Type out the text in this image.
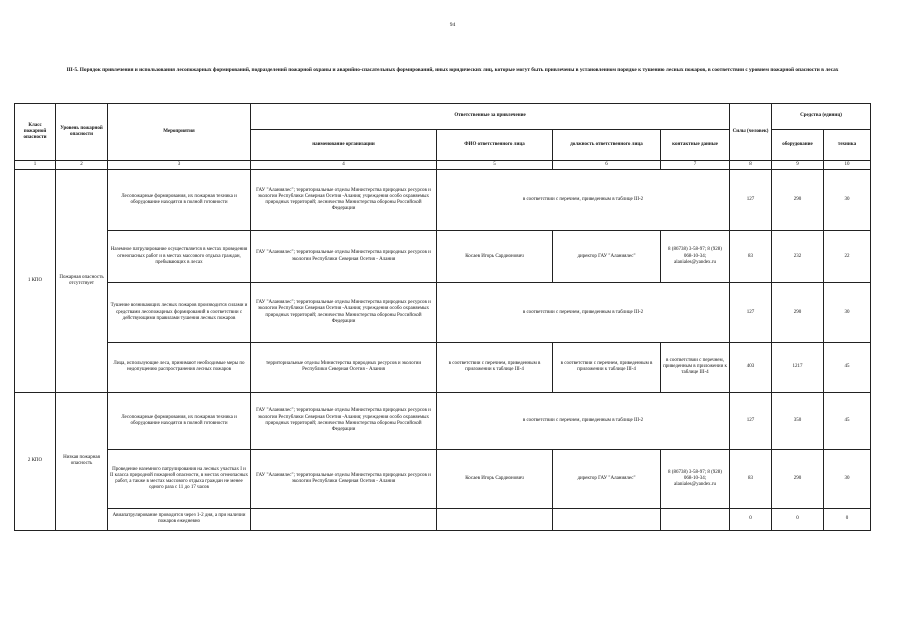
94
III-5. Порядок привлечения и использования лесопожарных формирований, подразделений пожарной охраны и аварийно-спасательных формирований, иных юридических лиц, которые могут быть привлечены в установленном порядке к тушению лесных пожаров, в соответствии с уровнем пожарной опасности в лесах
Класс пожарной опасности	Уровень пожарной опасности	Мероприятия	Ответственные за привлечение				Силы (человек)	Средства (единиц)	
			наименование организации	ФИО ответственного лица	должность ответственного лица	контактные данные		оборудование	техника
1	2	3	4	5	6	7	8	9	10
1 КПО	Пожарная опасность отсутствует	Лесопожарные формирования, их пожарная техника и оборудование находятся в полной готовности	ГАУ "Аланиялес"; территориальные отделы Министерства природных ресурсов и экологии Республики Северная Осетия -Алания; учреждения особо охраняемых природных территорий; лесничество Министерства обороны Российской Федерации	в соответствии с перечнем, приведенным в таблице III-2			127	290	30
		Наземное патрулирование осуществляется в местах проведения огнеопасных работ и в местах массового отдыха граждан, пребывающих в лесах	ГАУ "Аланиялес"; территориальные отделы Министерства природных ресурсов и экологии Республики Северная Осетия - Алания	Косаев Игорь Сардионович	директор ГАУ "Аланиялес"	8 (86738) 3-58-97; 8 (928) 068-10-34; alaniales@yandex.ru	83	232	22
		Тушение возникающих лесных пожаров производится силами и средствами лесопожарных формирований в соответствии с действующими правилами тушения лесных пожаров	ГАУ "Аланиялес"; территориальные отделы Министерства природных ресурсов и экологии Республики Северная Осетия -Алания; учреждения особо охраняемых природных территорий; лесничество Министерства обороны Российской Федерации	в соответствии с перечнем, приведенным в таблице III-2			127	290	30
		Лица, использующие леса, принимают необходимые меры по недопущению распространения лесных пожаров	территориальные отделы Министерства природных ресурсов и экологии Республики Северная Осетия - Алания	в соответствии с перечнем, приведенным в приложении к таблице III-4	в соответствии с перечнем, приведенным в приложении к таблице III-4	в соответствии с перечнем, приведенным в приложении к таблице III-4	403	1217	45
2 КПО	Низкая пожарная опасность	Лесопожарные формирования, их пожарная техника и оборудование находятся в полной готовности	ГАУ "Аланиялес"; территориальные отделы Министерства природных ресурсов и экологии Республики Северная Осетия -Алания; учреждения особо охраняемых природных территорий; лесничество Министерства обороны Российской Федерации	в соответствии с перечнем, приведенным в таблице III-2			127	350	45
		Проведение наземного патрулирования на лесных участках I и II класса природной пожарной опасности, в местах огнеопасных работ, а также в местах массового отдыха граждан не менее одного раза с 11 до 17 часов	ГАУ "Аланиялес"; территориальные отделы Министерства природных ресурсов и экологии Республики Северная Осетия - Алания	Косаев Игорь Сардионович	директор ГАУ "Аланиялес"	8 (86738) 3-58-97; 8 (928) 068-10-34; alaniales@yandex.ru	83	290	30
		Авиапатрулирование проводится через 1-2 дня, а при наличии пожаров ежедневно					0	0	0
